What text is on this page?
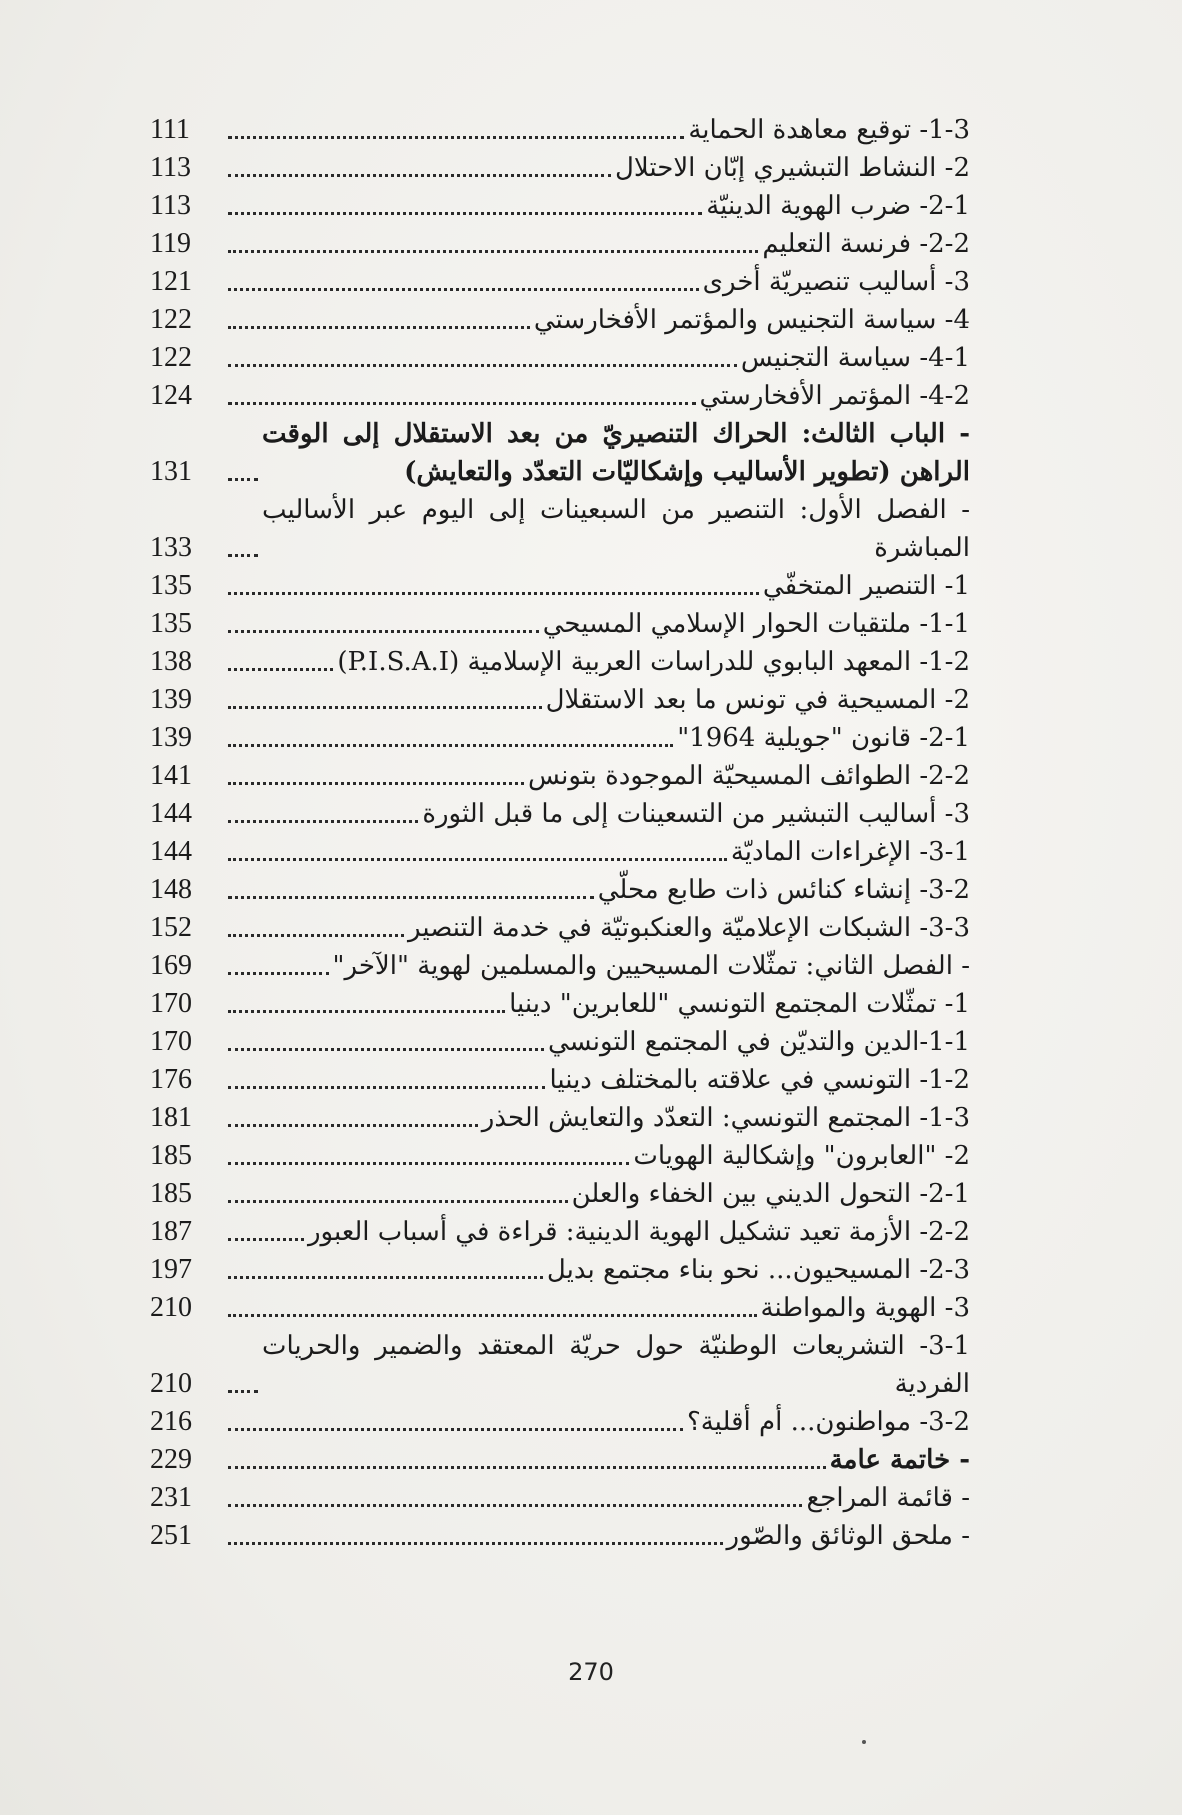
1-3- توقيع معاهدة الحماية
111
2- النشاط التبشيري إبّان الاحتلال
113
2-1- ضرب الهوية الدينيّة
113
2-2- فرنسة التعليم
119
3- أساليب تنصيريّة أخرى
121
4- سياسة التجنيس والمؤتمر الأفخارستي
122
4-1- سياسة التجنيس
122
4-2- المؤتمر الأفخارستي
124
- الباب الثالث: الحراك التنصيريّ من بعد الاستقلال إلى الوقت الراهن (تطوير الأساليب وإشكاليّات التعدّد والتعايش)
131
- الفصل الأول: التنصير من السبعينات إلى اليوم عبر الأساليب المباشرة
133
1- التنصير المتخفّي
135
1-1- ملتقيات الحوار الإسلامي المسيحي
135
1-2- المعهد البابوي للدراسات العربية الإسلامية (P.I.S.A.I)
138
2- المسيحية في تونس ما بعد الاستقلال
139
2-1- قانون "جويلية 1964"
139
2-2- الطوائف المسيحيّة الموجودة بتونس
141
3- أساليب التبشير من التسعينات إلى ما قبل الثورة
144
3-1- الإغراءات الماديّة
144
3-2- إنشاء كنائس ذات طابع محلّي
148
3-3- الشبكات الإعلاميّة والعنكبوتيّة في خدمة التنصير
152
- الفصل الثاني: تمثّلات المسيحيين والمسلمين لهوية "الآخر"
169
1- تمثّلات المجتمع التونسي "للعابرين" دينيا
170
1-1-الدين والتديّن في المجتمع التونسي
170
1-2- التونسي في علاقته بالمختلف دينيا
176
1-3- المجتمع التونسي: التعدّد والتعايش الحذر
181
2- "العابرون" وإشكالية الهويات
185
2-1- التحول الديني بين الخفاء والعلن
185
2-2- الأزمة تعيد تشكيل الهوية الدينية: قراءة في أسباب العبور
187
2-3- المسيحيون... نحو بناء مجتمع بديل
197
3- الهوية والمواطنة
210
3-1- التشريعات الوطنيّة حول حريّة المعتقد والضمير والحريات الفردية
210
3-2- مواطنون... أم أقلية؟
216
- خاتمة عامة
229
- قائمة المراجع
231
- ملحق الوثائق والصّور
251
270
